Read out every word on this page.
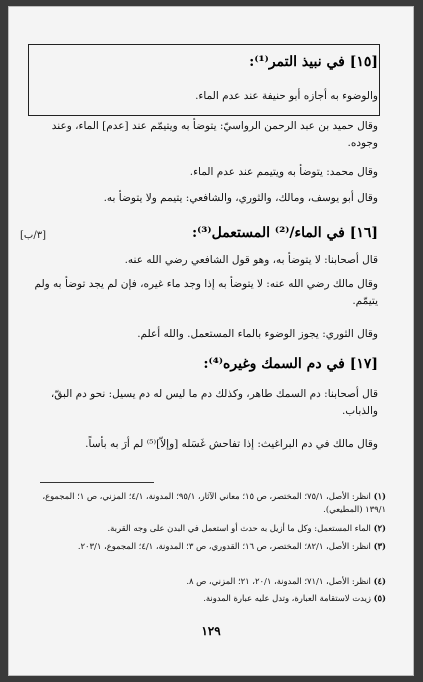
[١٥] في نبيذ التمر⁽¹⁾:
والوضوء به أجازه أبو حنيفة عند عدم الماء.
وقال حميد بن عبد الرحمن الرواسيّ: يتوضأ به ويتيمّم عند [عدم] الماء، وعند وجوده.
وقال محمد: يتوضأ به ويتيمم عند عدم الماء.
وقال أبو يوسف، ومالك، والثوري، والشافعي: يتيمم ولا يتوضأ به.
[٣/ب]	[١٦] في الماء/⁽²⁾ المستعمل⁽³⁾:
قال أصحابنا: لا يتوضأ به، وهو قول الشافعي رضي الله عنه.
وقال مالك رضي الله عنه: لا يتوضأ به إذا وجد ماء غيره، فإن لم يجد توضأ به ولم يتيمّم.
وقال الثوري: يجوز الوضوء بالماء المستعمل. والله أعلم.
[١٧] في دم السمك وغيره⁽⁴⁾:
قال أصحابنا: دم السمك طاهر، وكذلك دم ما ليس له دم يسيل: نحو دم البقّ، والذباب.
وقال مالك في دم البراغيث: إذا تفاحش غَسَله [وإلاّ]⁽⁵⁾ لم أرَ به بأساً.
(١) انظر: الأصل، ٧٥/١؛ المختصر، ص ١٥؛ معاني الآثار، ٩٥/١؛ المدونة، ٤/١؛ المزني، ص ١؛ المجموع، ١٣٩/١ (المطيعي).
(٢) الماء المستعمل: وكل ما أزيل به حدث أو استعمل في البدن على وجه القربة.
(٣) انظر: الأصل، ٨٢/١؛ المختصر، ص ١٦؛ القدوري، ص ٣؛ المدونة، ٤/١؛ المجموع، ٢٠٣/١.
(٤) انظر: الأصل، ٧١/١؛ المدونة، ٢٠/١، ٢١؛ المزني، ص ٨.
(٥) زيدت لاستقامة العبارة، وتدل عليه عبارة المدونة.
١٢٩
